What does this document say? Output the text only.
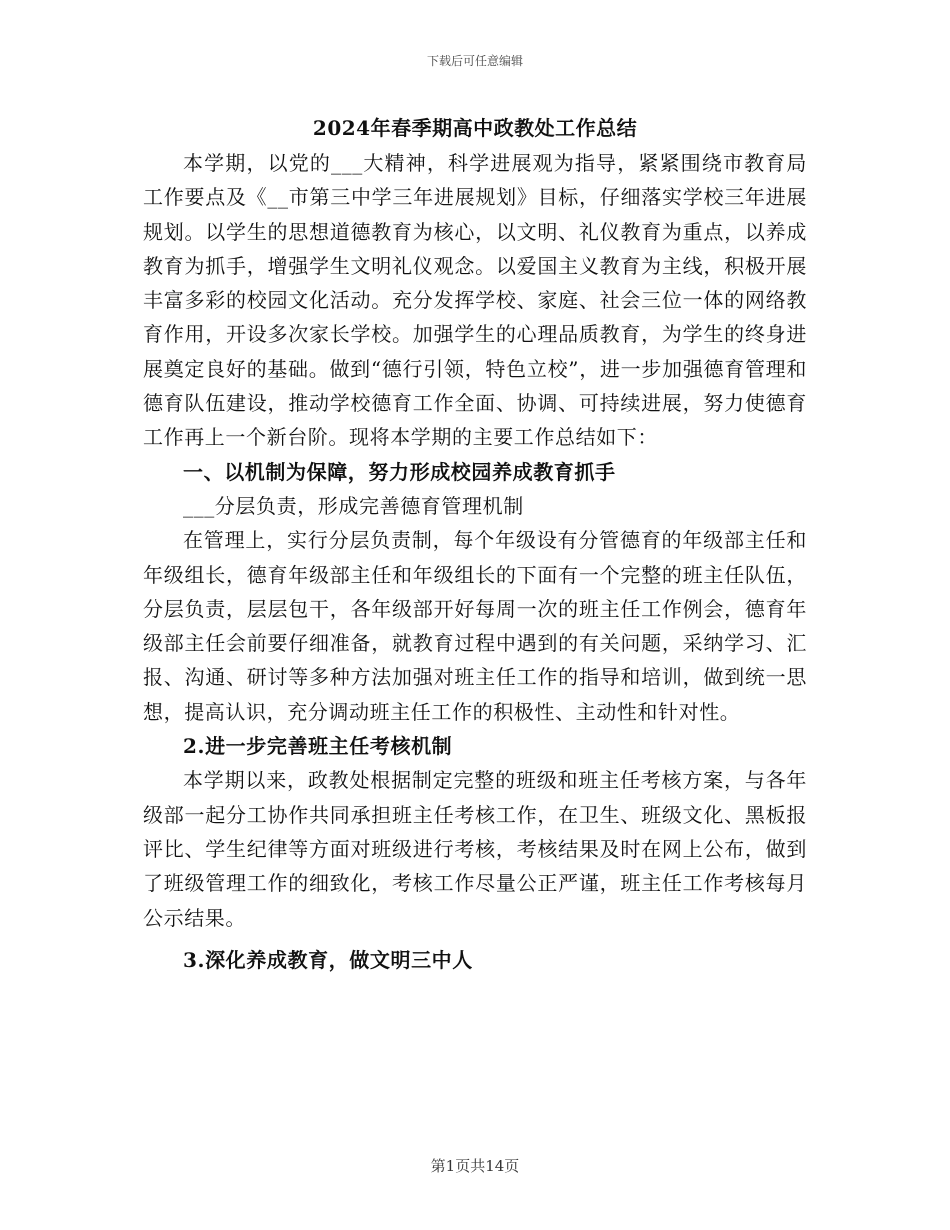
下载后可任意编辑
2024年春季期高中政教处工作总结

本学期，以党的___大精神，科学进展观为指导，紧紧围绕市教育局工作要点及《__市第三中学三年进展规划》目标，仔细落实学校三年进展规划。以学生的思想道德教育为核心，以文明、礼仪教育为重点，以养成教育为抓手，增强学生文明礼仪观念。以爱国主义教育为主线，积极开展丰富多彩的校园文化活动。充分发挥学校、家庭、社会三位一体的网络教育作用，开设多次家长学校。加强学生的心理品质教育，为学生的终身进展奠定良好的基础。做到“德行引领，特色立校”，进一步加强德育管理和德育队伍建设，推动学校德育工作全面、协调、可持续进展，努力使德育工作再上一个新台阶。现将本学期的主要工作总结如下：

一、以机制为保障，努力形成校园养成教育抓手

___分层负责，形成完善德育管理机制

在管理上，实行分层负责制，每个年级设有分管德育的年级部主任和年级组长，德育年级部主任和年级组长的下面有一个完整的班主任队伍，分层负责，层层包干，各年级部开好每周一次的班主任工作例会，德育年级部主任会前要仔细准备，就教育过程中遇到的有关问题，采纳学习、汇报、沟通、研讨等多种方法加强对班主任工作的指导和培训，做到统一思想，提高认识，充分调动班主任工作的积极性、主动性和针对性。

2.进一步完善班主任考核机制

本学期以来，政教处根据制定完整的班级和班主任考核方案，与各年级部一起分工协作共同承担班主任考核工作，在卫生、班级文化、黑板报评比、学生纪律等方面对班级进行考核，考核结果及时在网上公布，做到了班级管理工作的细致化，考核工作尽量公正严谨，班主任工作考核每月公示结果。

3.深化养成教育，做文明三中人

第1页共14页
